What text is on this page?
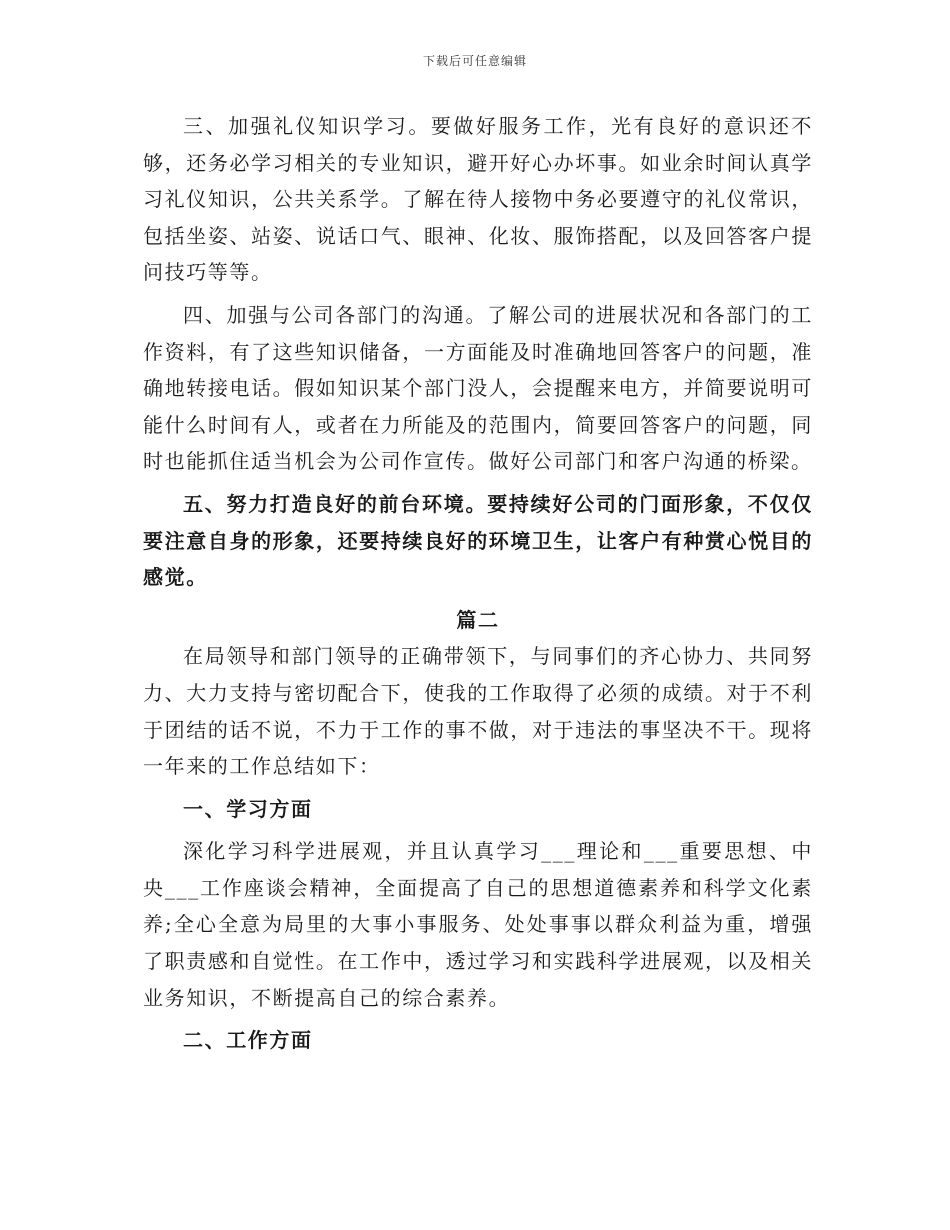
下载后可任意编辑

三、加强礼仪知识学习。要做好服务工作，光有良好的意识还不够，还务必学习相关的专业知识，避开好心办坏事。如业余时间认真学习礼仪知识，公共关系学。了解在待人接物中务必要遵守的礼仪常识，包括坐姿、站姿、说话口气、眼神、化妆、服饰搭配，以及回答客户提问技巧等等。

四、加强与公司各部门的沟通。了解公司的进展状况和各部门的工作资料，有了这些知识储备，一方面能及时准确地回答客户的问题，准确地转接电话。假如知识某个部门没人，会提醒来电方，并简要说明可能什么时间有人，或者在力所能及的范围内，简要回答客户的问题，同时也能抓住适当机会为公司作宣传。做好公司部门和客户沟通的桥梁。

五、努力打造良好的前台环境。要持续好公司的门面形象，不仅仅要注意自身的形象，还要持续良好的环境卫生，让客户有种赏心悦目的感觉。

篇二

在局领导和部门领导的正确带领下，与同事们的齐心协力、共同努力、大力支持与密切配合下，使我的工作取得了必须的成绩。对于不利于团结的话不说，不力于工作的事不做，对于违法的事坚决不干。现将一年来的工作总结如下：

一、学习方面

深化学习科学进展观，并且认真学习___理论和___重要思想、中央___工作座谈会精神，全面提高了自己的思想道德素养和科学文化素养;全心全意为局里的大事小事服务、处处事事以群众利益为重，增强了职责感和自觉性。在工作中，透过学习和实践科学进展观，以及相关业务知识，不断提高自己的综合素养。

二、工作方面
